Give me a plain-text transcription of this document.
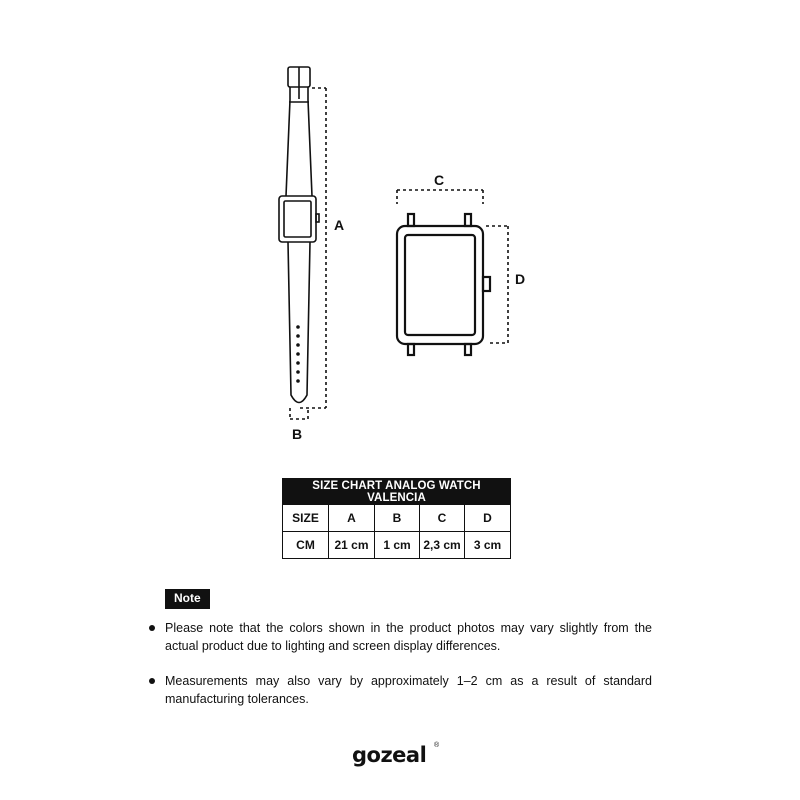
A
B
C
D
SIZE CHART ANALOG WATCH VALENCIA				
SIZE	A	B	C	D
CM	21 cm	1 cm	2,3 cm	3 cm
Note
Please note that the colors shown in the product photos may vary slightly from the actual product due to lighting and screen display differences.
Measurements may also vary by approximately 1–2 cm as a result of standard manufacturing tolerances.
gozeal ®
